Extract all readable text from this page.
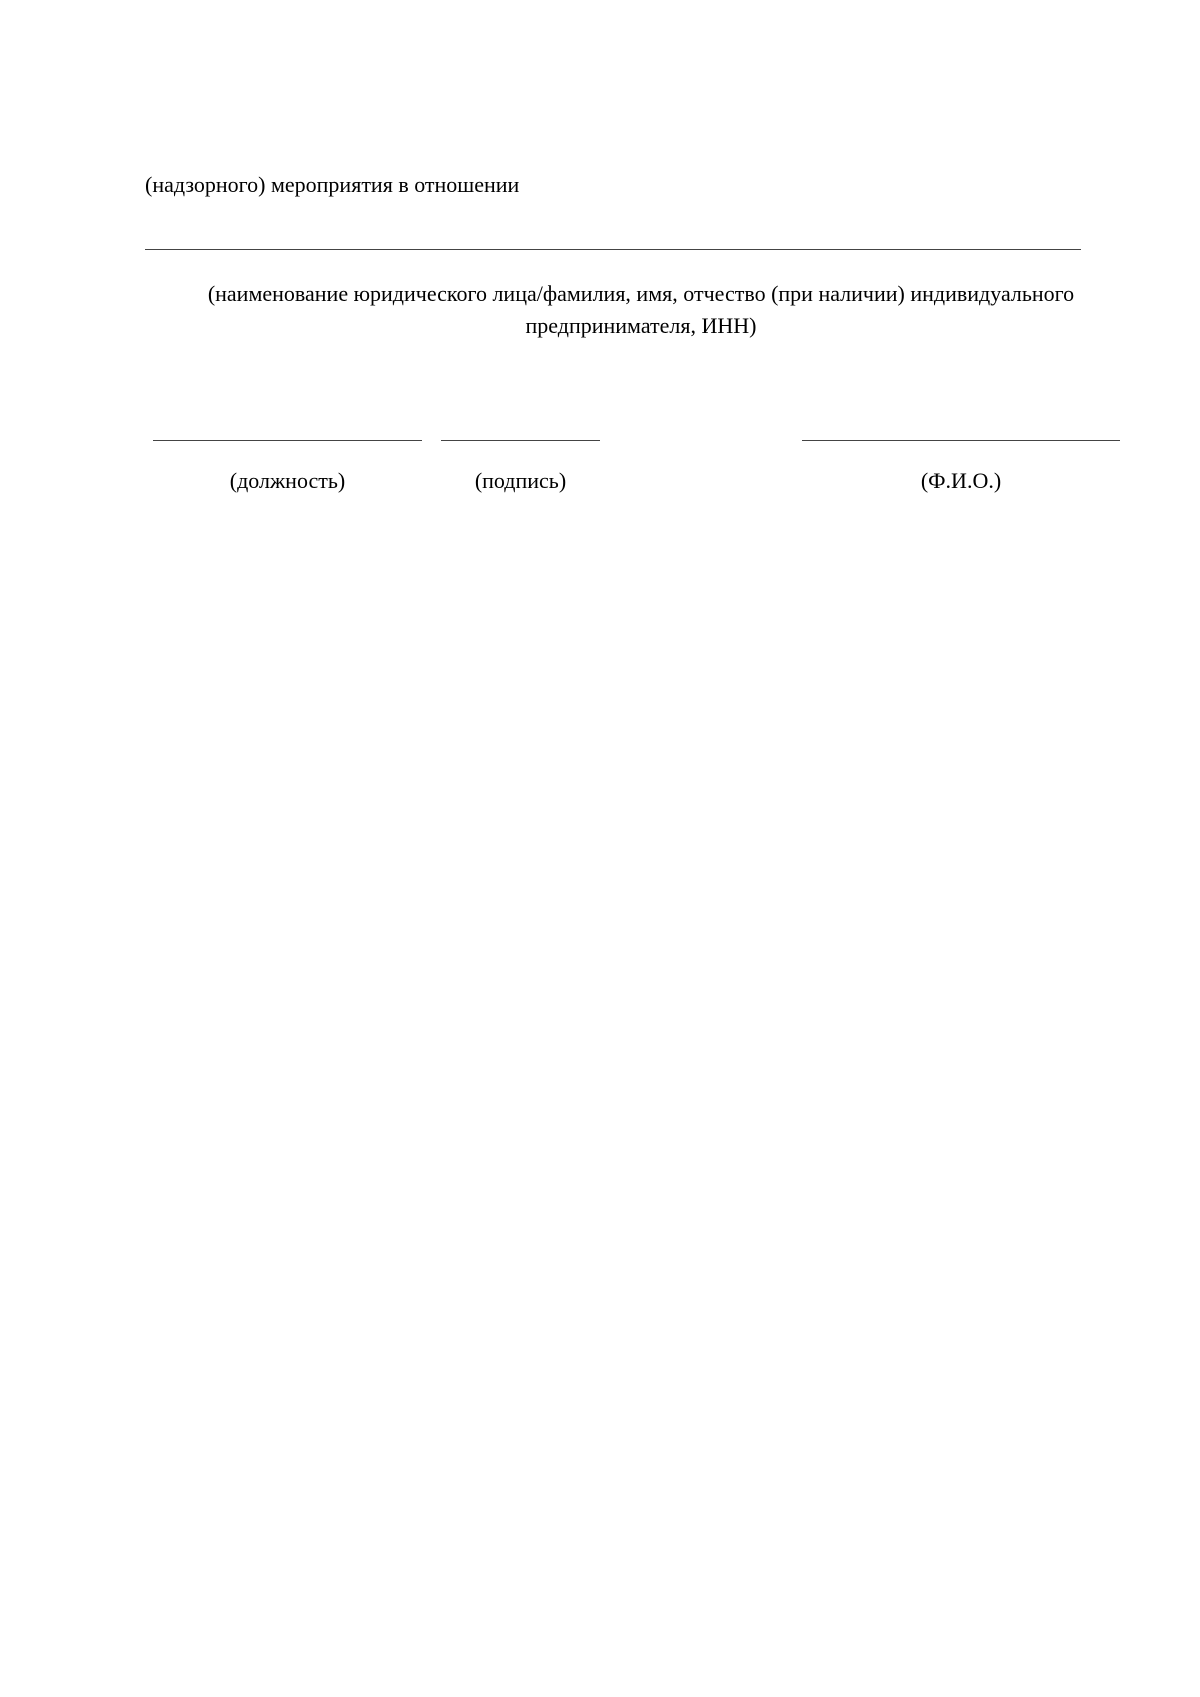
(надзорного) мероприятия в отношении
(наименование юридического лица/фамилия, имя, отчество (при наличии) индивидуального предпринимателя, ИНН)
(должность)	(подпись)	(Ф.И.О.)
